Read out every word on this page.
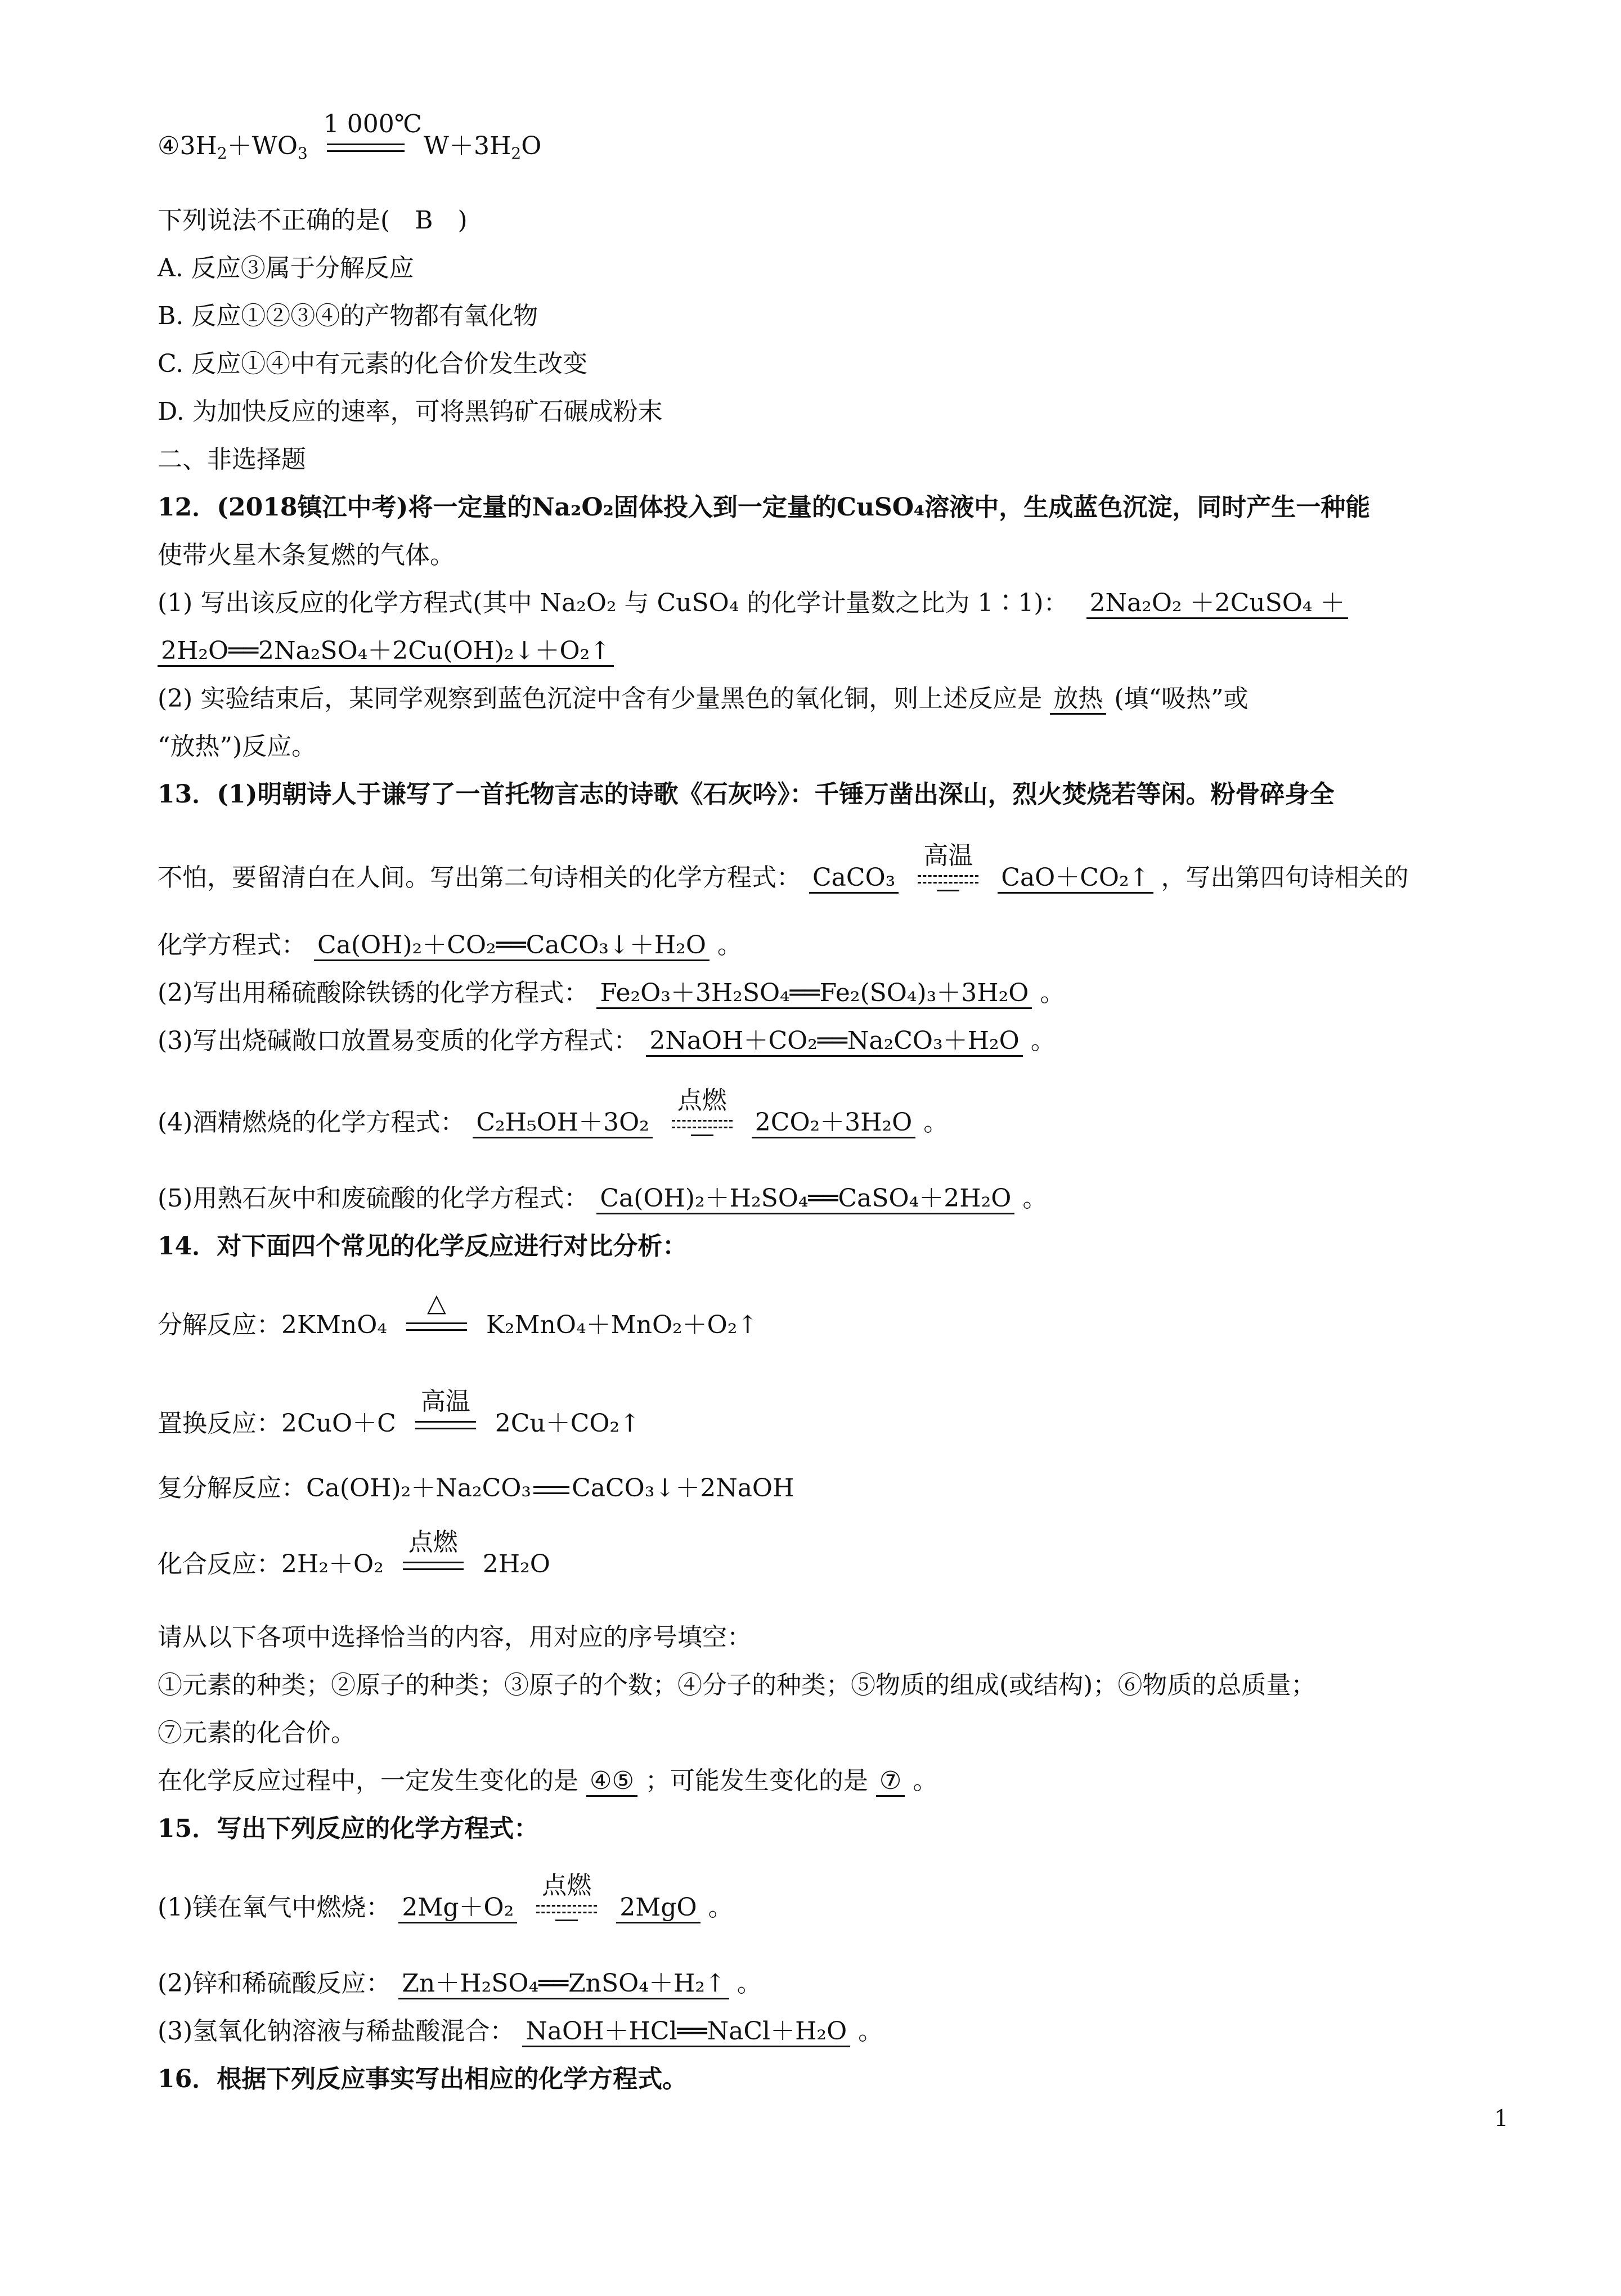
$④3H_2+WO_3$
1 000℃
$W+3H_2O$
下列说法不正确的是(　B　)
A. 反应③属于分解反应
B. 反应①②③④的产物都有氧化物
C. 反应①④中有元素的化合价发生改变
D. 为加快反应的速率，可将黑钨矿石碾成粉末
二、非选择题
12．(2018镇江中考)将一定量的Na₂O₂固体投入到一定量的CuSO₄溶液中，生成蓝色沉淀，同时产生一种能
使带火星木条复燃的气体。
(1) 写出该反应的化学方程式(其中 Na₂O₂ 与 CuSO₄ 的化学计量数之比为 1∶1)： 2Na₂O₂ ＋2CuSO₄ ＋
2H₂O══2Na₂SO₄＋2Cu(OH)₂↓＋O₂↑
(2) 实验结束后，某同学观察到蓝色沉淀中含有少量黑色的氧化铜，则上述反应是 放热 (填“吸热”或
“放热”)反应。
13．(1)明朝诗人于谦写了一首托物言志的诗歌《石灰吟》：千锤万凿出深山，烈火焚烧若等闲。粉骨碎身全
不怕，要留清白在人间。写出第二句诗相关的化学方程式： CaCO₃
高温
CaO＋CO₂↑ ，写出第四句诗相关的
化学方程式： Ca(OH)₂＋CO₂══CaCO₃↓＋H₂O 。
(2)写出用稀硫酸除铁锈的化学方程式： Fe₂O₃＋3H₂SO₄══Fe₂(SO₄)₃＋3H₂O 。
(3)写出烧碱敞口放置易变质的化学方程式： 2NaOH＋CO₂══Na₂CO₃＋H₂O 。
(4)酒精燃烧的化学方程式： C₂H₅OH＋3O₂
点燃
2CO₂＋3H₂O 。
(5)用熟石灰中和废硫酸的化学方程式： Ca(OH)₂＋H₂SO₄══CaSO₄＋2H₂O 。
14．对下面四个常见的化学反应进行对比分析：
分解反应：2KMnO₄
△
K₂MnO₄＋MnO₂＋O₂↑
置换反应：2CuO＋C
高温
2Cu＋CO₂↑
复分解反应：Ca(OH)₂＋Na₂CO₃ CaCO₃↓＋2NaOH
化合反应：2H₂＋O₂
点燃
2H₂O
请从以下各项中选择恰当的内容，用对应的序号填空：
①元素的种类；②原子的种类；③原子的个数；④分子的种类；⑤物质的组成(或结构)；⑥物质的总质量；
⑦元素的化合价。
在化学反应过程中，一定发生变化的是 ④⑤ ；可能发生变化的是 ⑦ 。
15．写出下列反应的化学方程式：
(1)镁在氧气中燃烧： 2Mg＋O₂
点燃
2MgO 。
(2)锌和稀硫酸反应： Zn＋H₂SO₄══ZnSO₄＋H₂↑ 。
(3)氢氧化钠溶液与稀盐酸混合： NaOH＋HCl══NaCl＋H₂O 。
16．根据下列反应事实写出相应的化学方程式。
1
